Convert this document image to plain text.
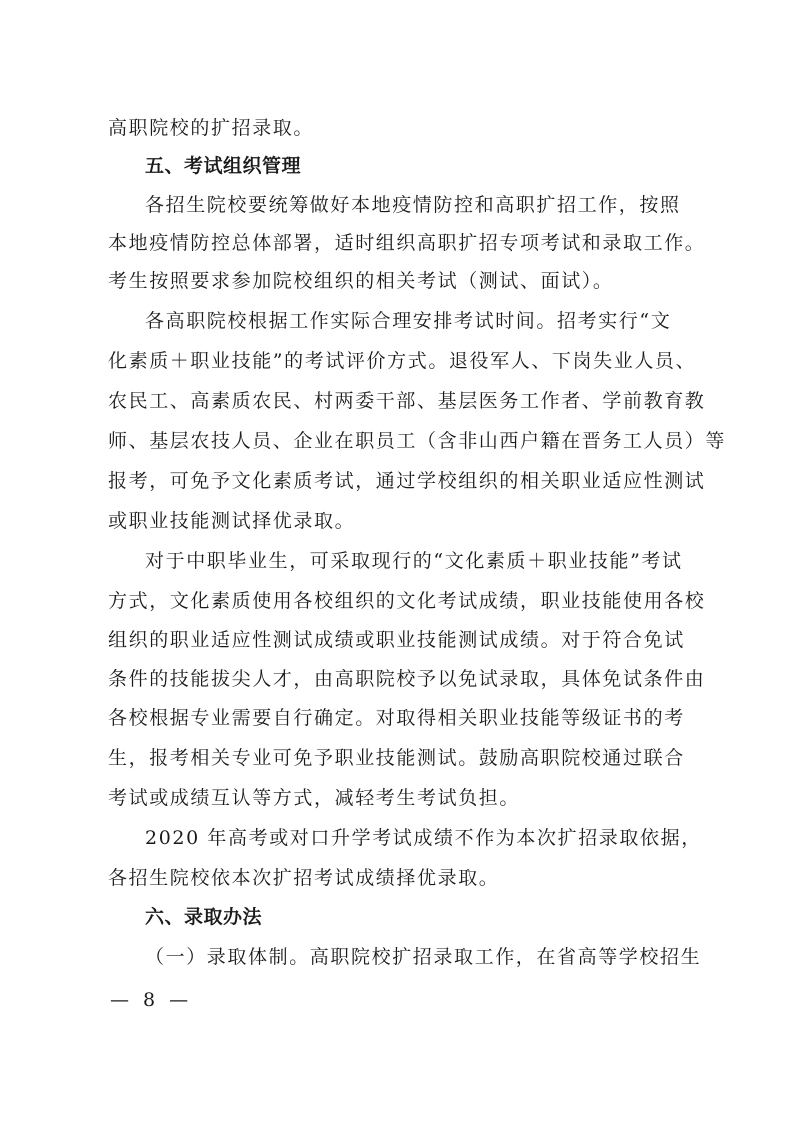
高职院校的扩招录取。
五、考试组织管理
各招生院校要统筹做好本地疫情防控和高职扩招工作，按照
本地疫情防控总体部署，适时组织高职扩招专项考试和录取工作。
考生按照要求参加院校组织的相关考试（测试、面试）。
各高职院校根据工作实际合理安排考试时间。招考实行“文
化素质＋职业技能”的考试评价方式。退役军人、下岗失业人员、
农民工、高素质农民、村两委干部、基层医务工作者、学前教育教
师、基层农技人员、企业在职员工（含非山西户籍在晋务工人员）等
报考，可免予文化素质考试，通过学校组织的相关职业适应性测试
或职业技能测试择优录取。
对于中职毕业生，可采取现行的“文化素质＋职业技能”考试
方式，文化素质使用各校组织的文化考试成绩，职业技能使用各校
组织的职业适应性测试成绩或职业技能测试成绩。对于符合免试
条件的技能拔尖人才，由高职院校予以免试录取，具体免试条件由
各校根据专业需要自行确定。对取得相关职业技能等级证书的考
生，报考相关专业可免予职业技能测试。鼓励高职院校通过联合
考试或成绩互认等方式，减轻考生考试负担。
2020 年高考或对口升学考试成绩不作为本次扩招录取依据，
各招生院校依本次扩招考试成绩择优录取。
六、录取办法
（一）录取体制。高职院校扩招录取工作，在省高等学校招生
— 8 —
